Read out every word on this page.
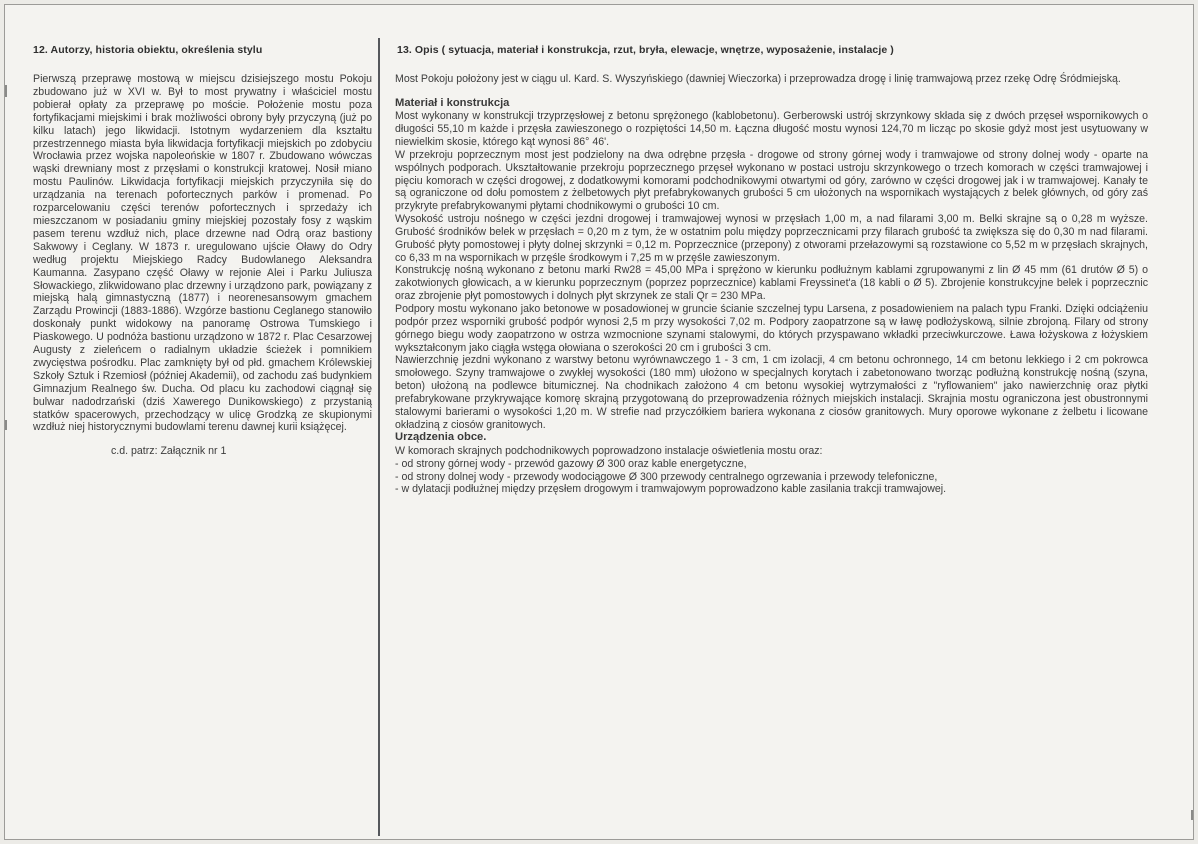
12. Autorzy, historia obiektu, określenia stylu

Pierwszą przeprawę mostową w miejscu dzisiejszego mostu Pokoju zbudowano już w XVI w. Był to most prywatny i właściciel mostu pobierał opłaty za przeprawę po moście. Położenie mostu poza fortyfikacjami miejskimi i brak możliwości obrony były przyczyną (już po kilku latach) jego likwidacji. Istotnym wydarzeniem dla kształtu przestrzennego miasta była likwidacja fortyfikacji miejskich po zdobyciu Wrocławia przez wojska napoleońskie w 1807 r. Zbudowano wówczas wąski drewniany most z przęsłami o konstrukcji kratowej. Nosił miano mostu Paulinów. Likwidacja fortyfikacji miejskich przyczyniła się do urządzania na terenach pofortecznych parków i promenad. Po rozparcelowaniu części terenów pofortecznych i sprzedaży ich mieszczanom w posiadaniu gminy miejskiej pozostały fosy z wąskim pasem terenu wzdłuż nich, place drzewne nad Odrą oraz bastiony Sakwowy i Ceglany. W 1873 r. uregulowano ujście Oławy do Odry według projektu Miejskiego Radcy Budowlanego Aleksandra Kaumanna. Zasypano część Oławy w rejonie Alei i Parku Juliusza Słowackiego, zlikwidowano plac drzewny i urządzono park, powiązany z miejską halą gimnastyczną (1877) i neorenesansowym gmachem Zarządu Prowincji (1883-1886). Wzgórze bastionu Ceglanego stanowiło doskonały punkt widokowy na panoramę Ostrowa Tumskiego i Piaskowego. U podnóża bastionu urządzono w 1872 r. Plac Cesarzowej Augusty z zieleńcem o radialnym układzie ścieżek i pomnikiem zwycięstwa pośrodku. Plac zamknięty był od płd. gmachem Królewskiej Szkoły Sztuk i Rzemiosł (później Akademii), od zachodu zaś budynkiem Gimnazjum Realnego św. Ducha. Od placu ku zachodowi ciągnął się bulwar nadodrzański (dziś Xawerego Dunikowskiego) z przystanią statków spacerowych, przechodzący w ulicę Grodzką ze skupionymi wzdłuż niej historycznymi budowlami terenu dawnej kurii książęcej.

c.d. patrz: Załącznik nr 1
13. Opis ( sytuacja, materiał i konstrukcja, rzut, bryła, elewacje, wnętrze, wyposażenie, instalacje )

Most Pokoju położony jest w ciągu ul. Kard. S. Wyszyńskiego (dawniej Wieczorka) i przeprowadza drogę i linię tramwajową przez rzekę Odrę Śródmiejską.

Materiał i konstrukcja

Most wykonany w konstrukcji trzyprzęsłowej z betonu sprężonego (kablobetonu). Gerberowski ustrój skrzynkowy składa się z dwóch przęseł wspornikowych o długości 55,10 m każde i przęsła zawieszonego o rozpiętości 14,50 m. Łączna długość mostu wynosi 124,70 m licząc po skosie gdyż most jest usytuowany w niewielkim skosie, którego kąt wynosi 86° 46'.

W przekroju poprzecznym most jest podzielony na dwa odrębne przęsła - drogowe od strony górnej wody i tramwajowe od strony dolnej wody - oparte na wspólnych podporach. Ukształtowanie przekroju poprzecznego przęseł wykonano w postaci ustroju skrzynkowego o trzech komorach w części tramwajowej i pięciu komorach w części drogowej, z dodatkowymi komorami podchodnikowymi otwartymi od góry, zarówno w części drogowej jak i w tramwajowej. Kanały te są ograniczone od dołu pomostem z żelbetowych płyt prefabrykowanych grubości 5 cm ułożonych na wspornikach wystających z belek głównych, od góry zaś przykryte prefabrykowanymi płytami chodnikowymi o grubości 10 cm.

Wysokość ustroju nośnego w części jezdni drogowej i tramwajowej wynosi w przęsłach 1,00 m, a nad filarami 3,00 m. Belki skrajne są o 0,28 m wyższe. Grubość środników belek w przęsłach = 0,20 m z tym, że w ostatnim polu między poprzecznicami przy filarach grubość ta zwiększa się do 0,30 m nad filarami. Grubość płyty pomostowej i płyty dolnej skrzynki = 0,12 m. Poprzecznice (przepony) z otworami przełazowymi są rozstawione co 5,52 m w przęsłach skrajnych, co 6,33 m na wspornikach w przęśle środkowym i 7,25 m w przęśle zawieszonym.

Konstrukcję nośną wykonano z betonu marki Rw28 = 45,00 MPa i sprężono w kierunku podłużnym kablami zgrupowanymi z lin Ø 45 mm (61 drutów Ø 5) o zakotwionych głowicach, a w kierunku poprzecznym (poprzez poprzecznice) kablami Freyssinet'a (18 kabli o Ø 5). Zbrojenie konstrukcyjne belek i poprzecznic oraz zbrojenie płyt pomostowych i dolnych płyt skrzynek ze stali Qr = 230 MPa.

Podpory mostu wykonano jako betonowe w posadowionej w gruncie ścianie szczelnej typu Larsena, z posadowieniem na palach typu Franki. Dzięki odciążeniu podpór przez wsporniki grubość podpór wynosi 2,5 m przy wysokości 7,02 m. Podpory zaopatrzone są w ławę podłożyskową, silnie zbrojoną. Filary od strony górnego biegu wody zaopatrzono w ostrza wzmocnione szynami stalowymi, do których przyspawano wkładki przeciwkurczowe. Ława łożyskowa z łożyskiem wykształconym jako ciągła wstęga ołowiana o szerokości 20 cm i grubości 3 cm.

Nawierzchnię jezdni wykonano z warstwy betonu wyrównawczego 1 - 3 cm, 1 cm izolacji, 4 cm betonu ochronnego, 14 cm betonu lekkiego i 2 cm pokrowca smołowego. Szyny tramwajowe o zwykłej wysokości (180 mm) ułożono w specjalnych korytach i zabetonowano tworząc podłużną konstrukcję nośną (szyna, beton) ułożoną na podlewce bitumicznej. Na chodnikach założono 4 cm betonu wysokiej wytrzymałości z "ryflowaniem" jako nawierzchnię oraz płytki prefabrykowane przykrywające komorę skrajną przygotowaną do przeprowadzenia różnych miejskich instalacji. Skrajnia mostu ograniczona jest obustronnymi stalowymi barierami o wysokości 1,20 m. W strefie nad przyczółkiem bariera wykonana z ciosów granitowych. Mury oporowe wykonane z żelbetu i licowane okładziną z ciosów granitowych.

Urządzenia obce.

W komorach skrajnych podchodnikowych poprowadzono instalacje oświetlenia mostu oraz:

- od strony górnej wody - przewód gazowy Ø 300 oraz kable energetyczne,

- od strony dolnej wody - przewody wodociągowe Ø 300 przewody centralnego ogrzewania i przewody telefoniczne,

- w dylatacji podłużnej między przęsłem drogowym i tramwajowym poprowadzono kable zasilania trakcji tramwajowej.
